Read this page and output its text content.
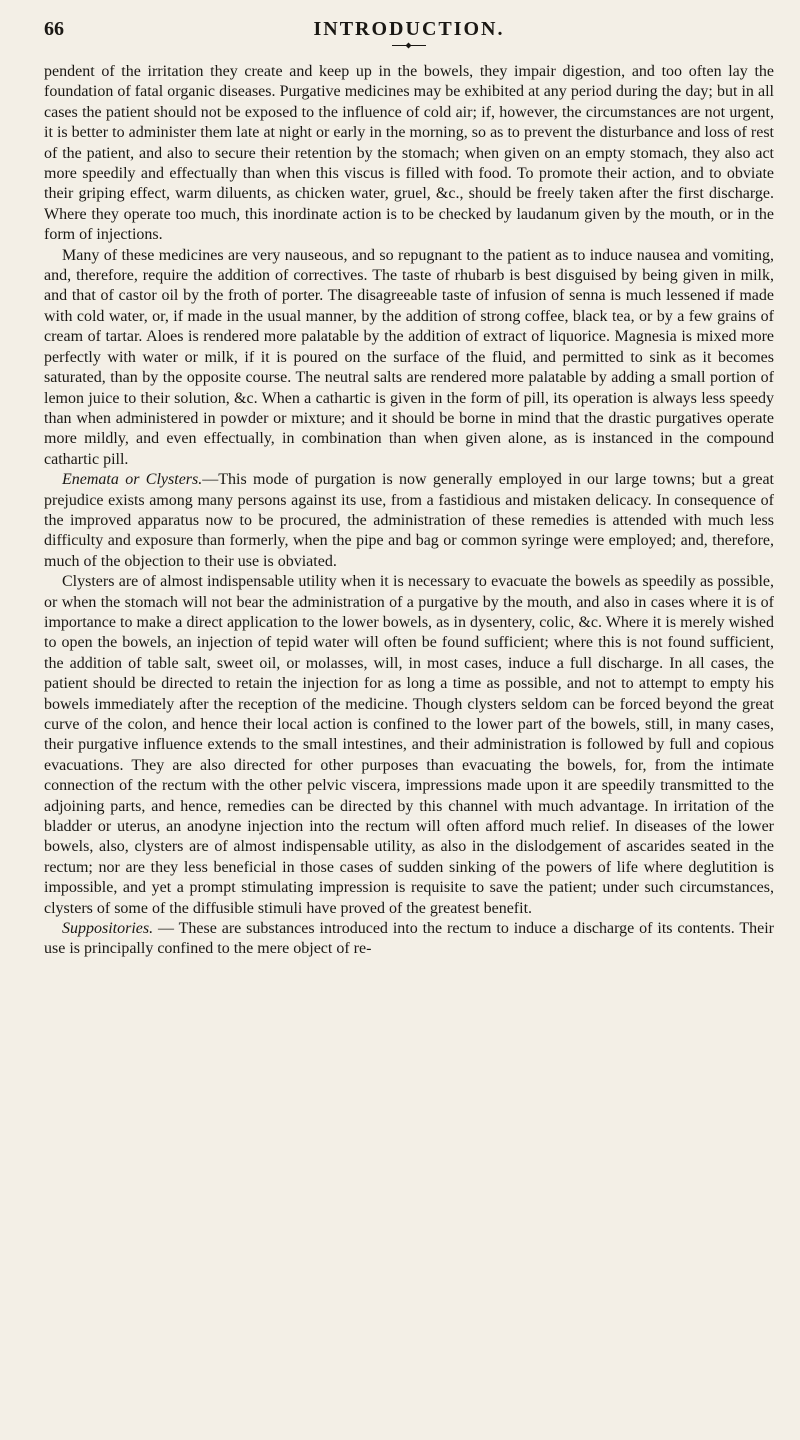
66	INTRODUCTION.

pendent of the irritation they create and keep up in the bowels, they impair digestion, and too often lay the foundation of fatal organic diseases. Purgative medicines may be exhibited at any period during the day; but in all cases the patient should not be exposed to the influence of cold air; if, however, the circumstances are not urgent, it is better to administer them late at night or early in the morning, so as to prevent the disturbance and loss of rest of the patient, and also to secure their retention by the stomach; when given on an empty stomach, they also act more speedily and effectually than when this viscus is filled with food. To promote their action, and to obviate their griping effect, warm diluents, as chicken water, gruel, &c., should be freely taken after the first discharge. Where they operate too much, this inordinate action is to be checked by laudanum given by the mouth, or in the form of injections.

Many of these medicines are very nauseous, and so repugnant to the patient as to induce nausea and vomiting, and, therefore, require the addition of correctives. The taste of rhubarb is best disguised by being given in milk, and that of castor oil by the froth of porter. The disagreeable taste of infusion of senna is much lessened if made with cold water, or, if made in the usual manner, by the addition of strong coffee, black tea, or by a few grains of cream of tartar. Aloes is rendered more palatable by the addition of extract of liquorice. Magnesia is mixed more perfectly with water or milk, if it is poured on the surface of the fluid, and permitted to sink as it becomes saturated, than by the opposite course. The neutral salts are rendered more palatable by adding a small portion of lemon juice to their solution, &c. When a cathartic is given in the form of pill, its operation is always less speedy than when administered in powder or mixture; and it should be borne in mind that the drastic purgatives operate more mildly, and even effectually, in combination than when given alone, as is instanced in the compound cathartic pill.

Enemata or Clysters.—This mode of purgation is now generally employed in our large towns; but a great prejudice exists among many persons against its use, from a fastidious and mistaken delicacy. In consequence of the improved apparatus now to be procured, the administration of these remedies is attended with much less difficulty and exposure than formerly, when the pipe and bag or common syringe were employed; and, therefore, much of the objection to their use is obviated.

Clysters are of almost indispensable utility when it is necessary to evacuate the bowels as speedily as possible, or when the stomach will not bear the administration of a purgative by the mouth, and also in cases where it is of importance to make a direct application to the lower bowels, as in dysentery, colic, &c. Where it is merely wished to open the bowels, an injection of tepid water will often be found sufficient; where this is not found sufficient, the addition of table salt, sweet oil, or molasses, will, in most cases, induce a full discharge. In all cases, the patient should be directed to retain the injection for as long a time as possible, and not to attempt to empty his bowels immediately after the reception of the medicine. Though clysters seldom can be forced beyond the great curve of the colon, and hence their local action is confined to the lower part of the bowels, still, in many cases, their purgative influence extends to the small intestines, and their administration is followed by full and copious evacuations. They are also directed for other purposes than evacuating the bowels, for, from the intimate connection of the rectum with the other pelvic viscera, impressions made upon it are speedily transmitted to the adjoining parts, and hence, remedies can be directed by this channel with much advantage. In irritation of the bladder or uterus, an anodyne injection into the rectum will often afford much relief. In diseases of the lower bowels, also, clysters are of almost indispensable utility, as also in the dislodgement of ascarides seated in the rectum; nor are they less beneficial in those cases of sudden sinking of the powers of life where deglutition is impossible, and yet a prompt stimulating impression is requisite to save the patient; under such circumstances, clysters of some of the diffusible stimuli have proved of the greatest benefit.

Suppositories. — These are substances introduced into the rectum to induce a discharge of its contents. Their use is principally confined to the mere object of re-
